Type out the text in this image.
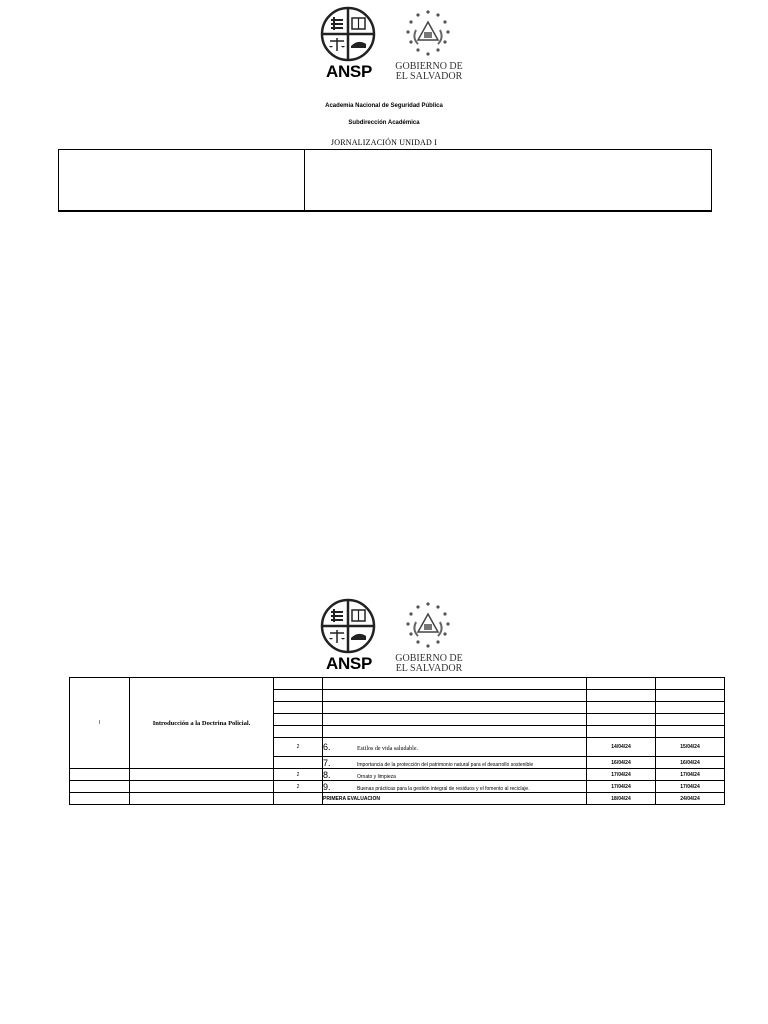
ANSP	GOBIERNO DE
EL SALVADOR
Academia Nacional de Seguridad Pública
Subdirección Académica
JORNALIZACIÓN UNIDAD I
ANSP	GOBIERNO DE
EL SALVADOR
I	Introducción a la Doctrina Policial.				

		2	6. Estilos de vida saludable.	14/04/24	15/04/24
			7. Importancia de la protección del patrimonio natural para el desarrollo sostenible	16/04/24	16/04/24
		2	8. Ornato y limpieza	17/04/24	17/04/24
		2	9. Buenas prácticas para la gestión integral de residuos y el fomento al reciclaje.	17/04/24	17/04/24
			PRIMERA EVALUACION	18/04/24	24/04/24
